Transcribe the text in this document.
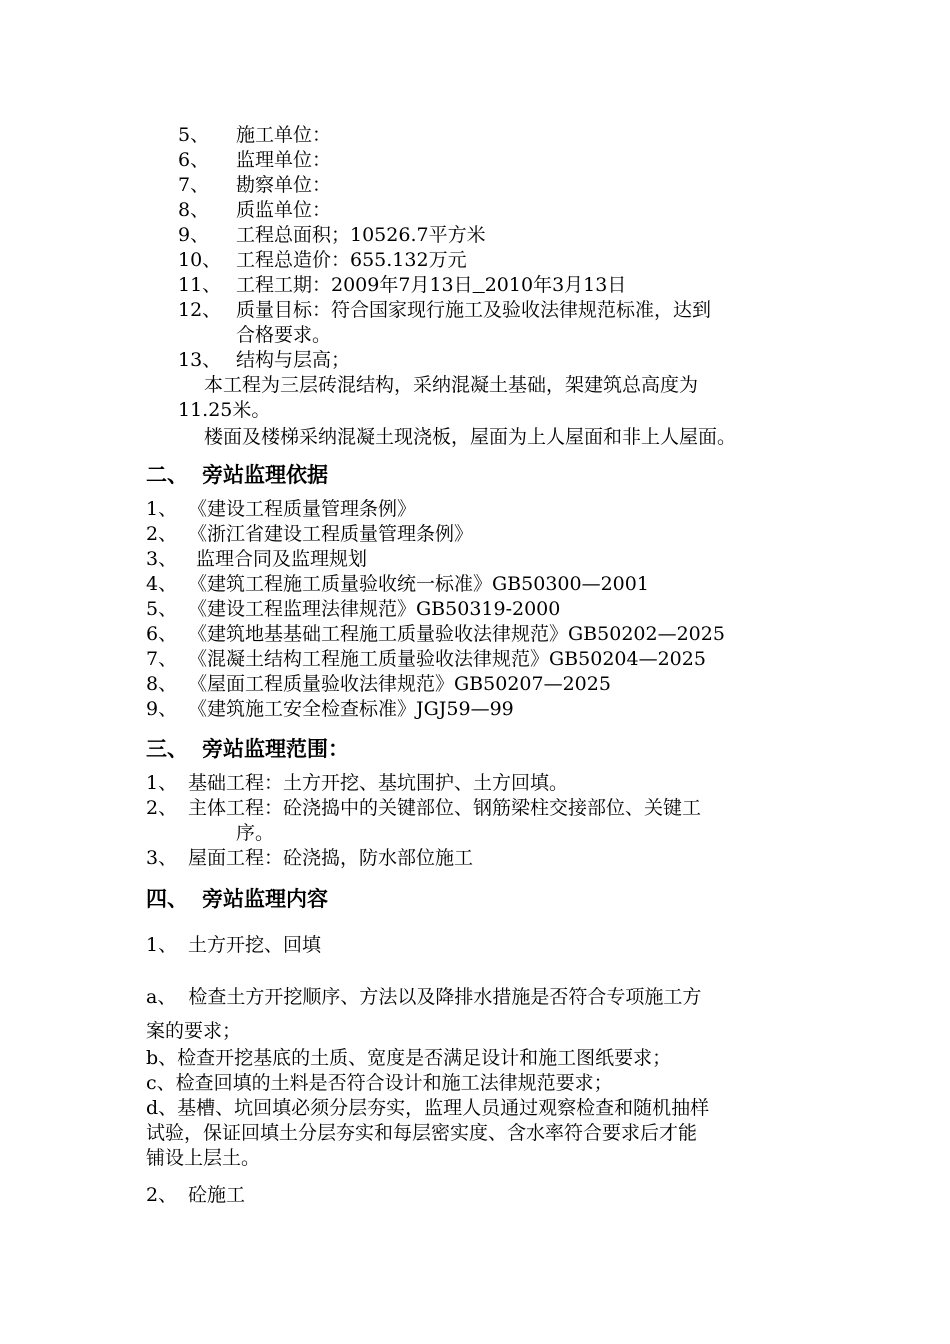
5、 施工单位：
6、 监理单位：
7、 勘察单位：
8、 质监单位：
9、 工程总面积；10526.7平方米
10、 工程总造价：655.132万元
11、 工程工期：2009年7月13日 2010年3月13日
12、 质量目标：符合国家现行施工及验收法律规范标准，达到
合格要求。
13、 结构与层高；
本工程为三层砖混结构，采纳混凝土基础，架建筑总高度为
11.25米。
楼面及楼梯采纳混凝土现浇板，屋面为上人屋面和非上人屋面。
二、 旁站监理依据
1、 《建设工程质量管理条例》
2、 《浙江省建设工程质量管理条例》
3、 监理合同及监理规划
4、 《建筑工程施工质量验收统一标准》GB50300—2001
5、 《建设工程监理法律规范》GB50319-2000
6、 《建筑地基基础工程施工质量验收法律规范》GB50202—2025
7、 《混凝土结构工程施工质量验收法律规范》GB50204—2025
8、 《屋面工程质量验收法律规范》GB50207—2025
9、 《建筑施工安全检查标准》JGJ59—99
三、 旁站监理范围：
1、 基础工程：土方开挖、基坑围护、土方回填。
2、 主体工程：砼浇捣中的关键部位、钢筋梁柱交接部位、关键工
序。
3、 屋面工程：砼浇捣，防水部位施工
四、 旁站监理内容
1、 土方开挖、回填
a、  检查土方开挖顺序、方法以及降排水措施是否符合专项施工方
案的要求；
b、检查开挖基底的土质、宽度是否满足设计和施工图纸要求；
c、检查回填的土料是否符合设计和施工法律规范要求；
d、基槽、坑回填必须分层夯实，监理人员通过观察检查和随机抽样
试验，保证回填土分层夯实和每层密实度、含水率符合要求后才能
铺设上层土。
2、 砼施工
